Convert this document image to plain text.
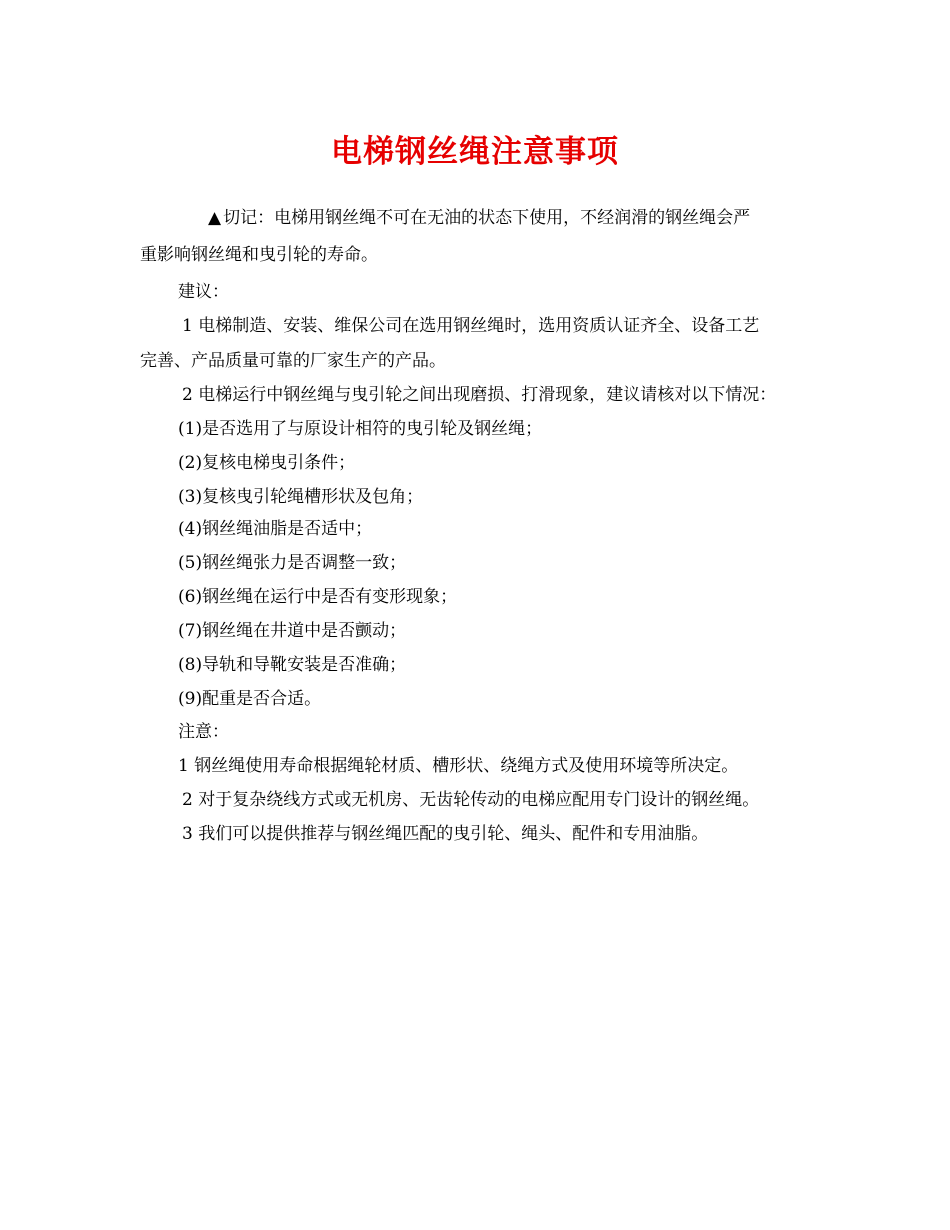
电梯钢丝绳注意事项
▲ 切记：电梯用钢丝绳不可在无油的状态下使用，不经润滑的钢丝绳会严
重影响钢丝绳和曳引轮的寿命。
建议：
1 电梯制造、安装、维保公司在选用钢丝绳时，选用资质认证齐全、设备工艺
完善、产品质量可靠的厂家生产的产品。
2 电梯运行中钢丝绳与曳引轮之间出现磨损、打滑现象，建议请核对以下情况：
(1)是否选用了与原设计相符的曳引轮及钢丝绳；
(2)复核电梯曳引条件；
(3)复核曳引轮绳槽形状及包角；
(4)钢丝绳油脂是否适中；
(5)钢丝绳张力是否调整一致；
(6)钢丝绳在运行中是否有变形现象；
(7)钢丝绳在井道中是否颤动；
(8)导轨和导靴安装是否准确；
(9)配重是否合适。
注意：
1 钢丝绳使用寿命根据绳轮材质、槽形状、绕绳方式及使用环境等所决定。
2 对于复杂绕线方式或无机房、无齿轮传动的电梯应配用专门设计的钢丝绳。
3 我们可以提供推荐与钢丝绳匹配的曳引轮、绳头、配件和专用油脂。
